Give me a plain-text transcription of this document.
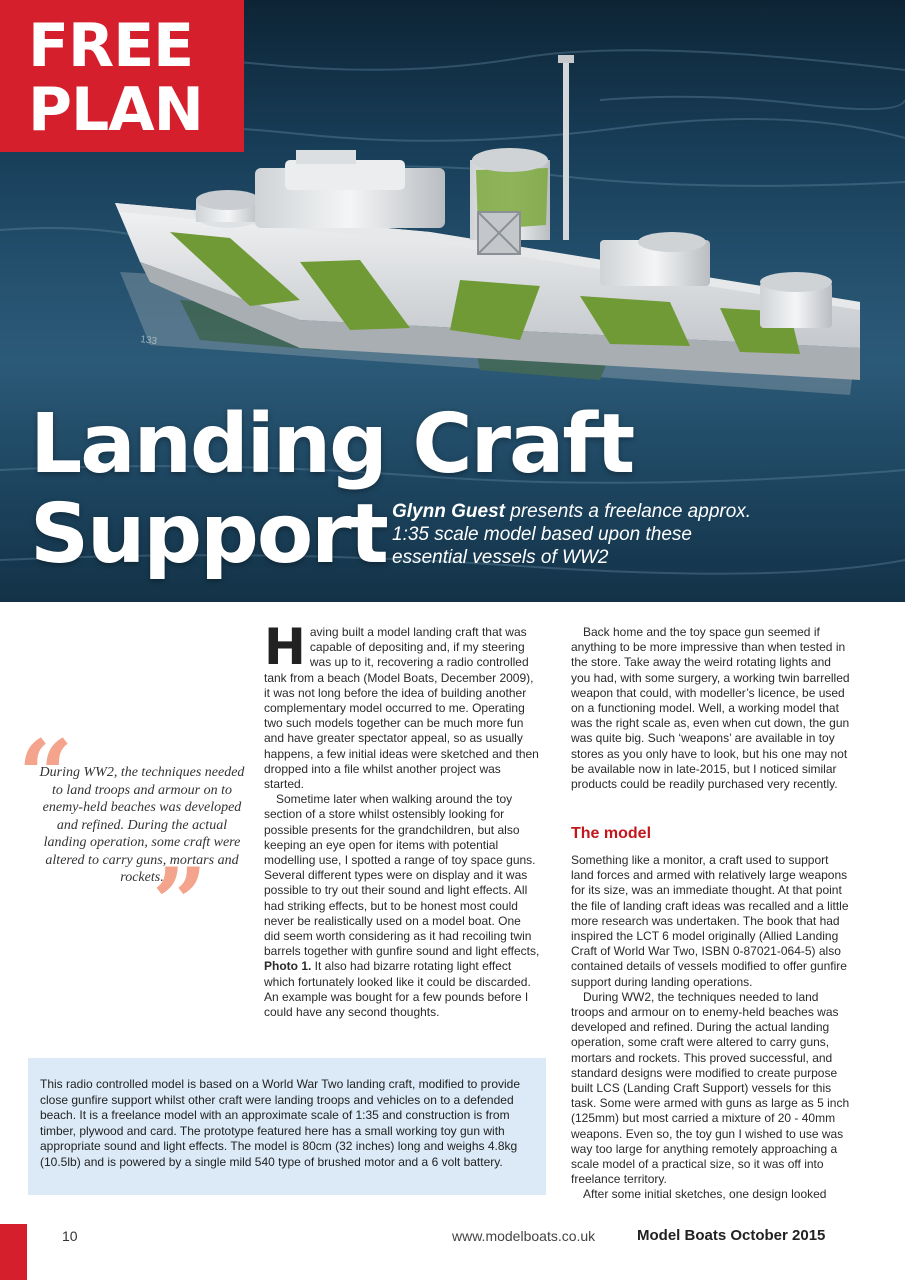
133
FREE
PLAN
Landing Craft
Support Glynn Guest presents a freelance approx. 1:35 scale model based upon these essential vessels of WW2
“
During WW2, the techniques needed to land troops and armour on to enemy-held beaches was developed and refined. During the actual landing operation, some craft were altered to carry guns, mortars and rockets.
”

Having built a model landing craft that was capable of depositing and, if my steering was up to it, recovering a radio controlled tank from a beach (Model Boats, December 2009), it was not long before the idea of building another complementary model occurred to me. Operating two such models together can be much more fun and have greater spectator appeal, so as usually happens, a few initial ideas were sketched and then dropped into a file whilst another project was started.

Sometime later when walking around the toy section of a store whilst ostensibly looking for possible presents for the grandchildren, but also keeping an eye open for items with potential modelling use, I spotted a range of toy space guns. Several different types were on display and it was possible to try out their sound and light effects. All had striking effects, but to be honest most could never be realistically used on a model boat. One did seem worth considering as it had recoiling twin barrels together with gunfire sound and light effects, Photo 1. It also had bizarre rotating light effect which fortunately looked like it could be discarded. An example was bought for a few pounds before I could have any second thoughts.

Back home and the toy space gun seemed if anything to be more impressive than when tested in the store. Take away the weird rotating lights and you had, with some surgery, a working twin barrelled weapon that could, with modeller’s licence, be used on a functioning model. Well, a working model that was the right scale as, even when cut down, the gun was quite big. Such ‘weapons’ are available in toy stores as you only have to look, but his one may not be available now in late-2015, but I noticed similar products could be readily purchased very recently.

The model

Something like a monitor, a craft used to support land forces and armed with relatively large weapons for its size, was an immediate thought. At that point the file of landing craft ideas was recalled and a little more research was undertaken. The book that had inspired the LCT 6 model originally (Allied Landing Craft of World War Two, ISBN 0-87021-064-5) also contained details of vessels modified to offer gunfire support during landing operations.

During WW2, the techniques needed to land troops and armour on to enemy-held beaches was developed and refined. During the actual landing operation, some craft were altered to carry guns, mortars and rockets. This proved successful, and standard designs were modified to create purpose built LCS (Landing Craft Support) vessels for this task. Some were armed with guns as large as 5 inch (125mm) but most carried a mixture of 20 - 40mm weapons. Even so, the toy gun I wished to use was way too large for anything remotely approaching a scale model of a practical size, so it was off into freelance territory.

After some initial sketches, one design looked

This radio controlled model is based on a World War Two landing craft, modified to provide close gunfire support whilst other craft were landing troops and vehicles on to a defended beach. It is a freelance model with an approximate scale of 1:35 and construction is from timber, plywood and card. The prototype featured here has a small working toy gun with appropriate sound and light effects. The model is 80cm (32 inches) long and weighs 4.8kg (10.5lb) and is powered by a single mild 540 type of brushed motor and a 6 volt battery.
10	www.modelboats.co.uk	Model Boats October 2015
